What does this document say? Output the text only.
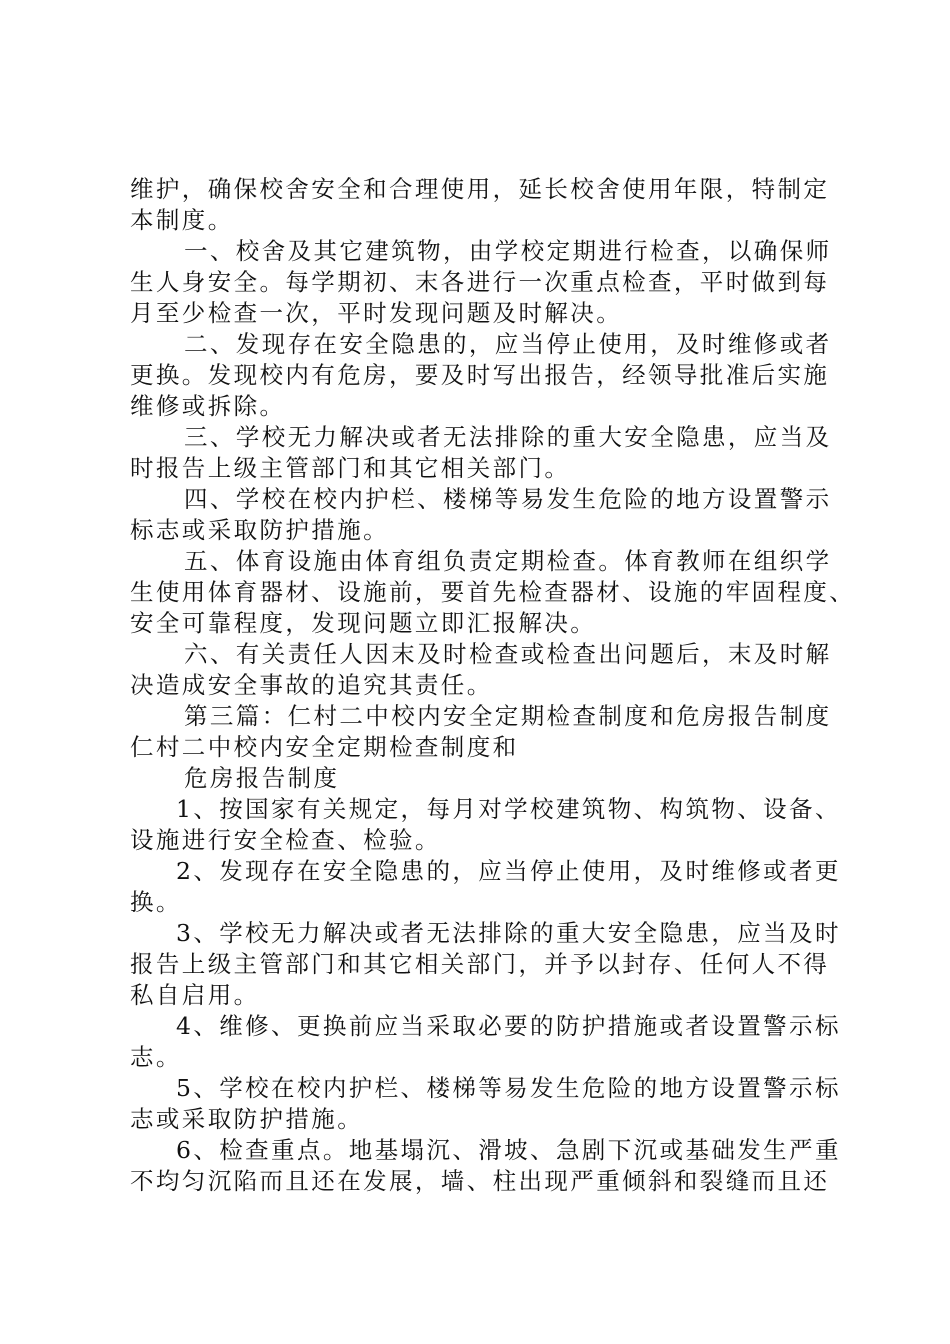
维护，确保校舍安全和合理使用，延长校舍使用年限，特制定
本制度。
一、校舍及其它建筑物，由学校定期进行检查，以确保师
生人身安全。每学期初、末各进行一次重点检查，平时做到每
月至少检查一次，平时发现问题及时解决。
二、发现存在安全隐患的，应当停止使用，及时维修或者
更换。发现校内有危房，要及时写出报告，经领导批准后实施
维修或拆除。
三、学校无力解决或者无法排除的重大安全隐患，应当及
时报告上级主管部门和其它相关部门。
四、学校在校内护栏、楼梯等易发生危险的地方设置警示
标志或采取防护措施。
五、体育设施由体育组负责定期检查。体育教师在组织学
生使用体育器材、设施前，要首先检查器材、设施的牢固程度、
安全可靠程度，发现问题立即汇报解决。
六、有关责任人因末及时检查或检查出问题后，末及时解
决造成安全事故的追究其责任。
第三篇：仁村二中校内安全定期检查制度和危房报告制度
仁村二中校内安全定期检查制度和
危房报告制度
1、按国家有关规定，每月对学校建筑物、构筑物、设备、
设施进行安全检查、检验。
2、发现存在安全隐患的，应当停止使用，及时维修或者更
换。
3、学校无力解决或者无法排除的重大安全隐患，应当及时
报告上级主管部门和其它相关部门，并予以封存、任何人不得
私自启用。
4、维修、更换前应当采取必要的防护措施或者设置警示标
志。
5、学校在校内护栏、楼梯等易发生危险的地方设置警示标
志或采取防护措施。
6、检查重点。地基塌沉、滑坡、急剧下沉或基础发生严重
不均匀沉陷而且还在发展，墙、柱出现严重倾斜和裂缝而且还
